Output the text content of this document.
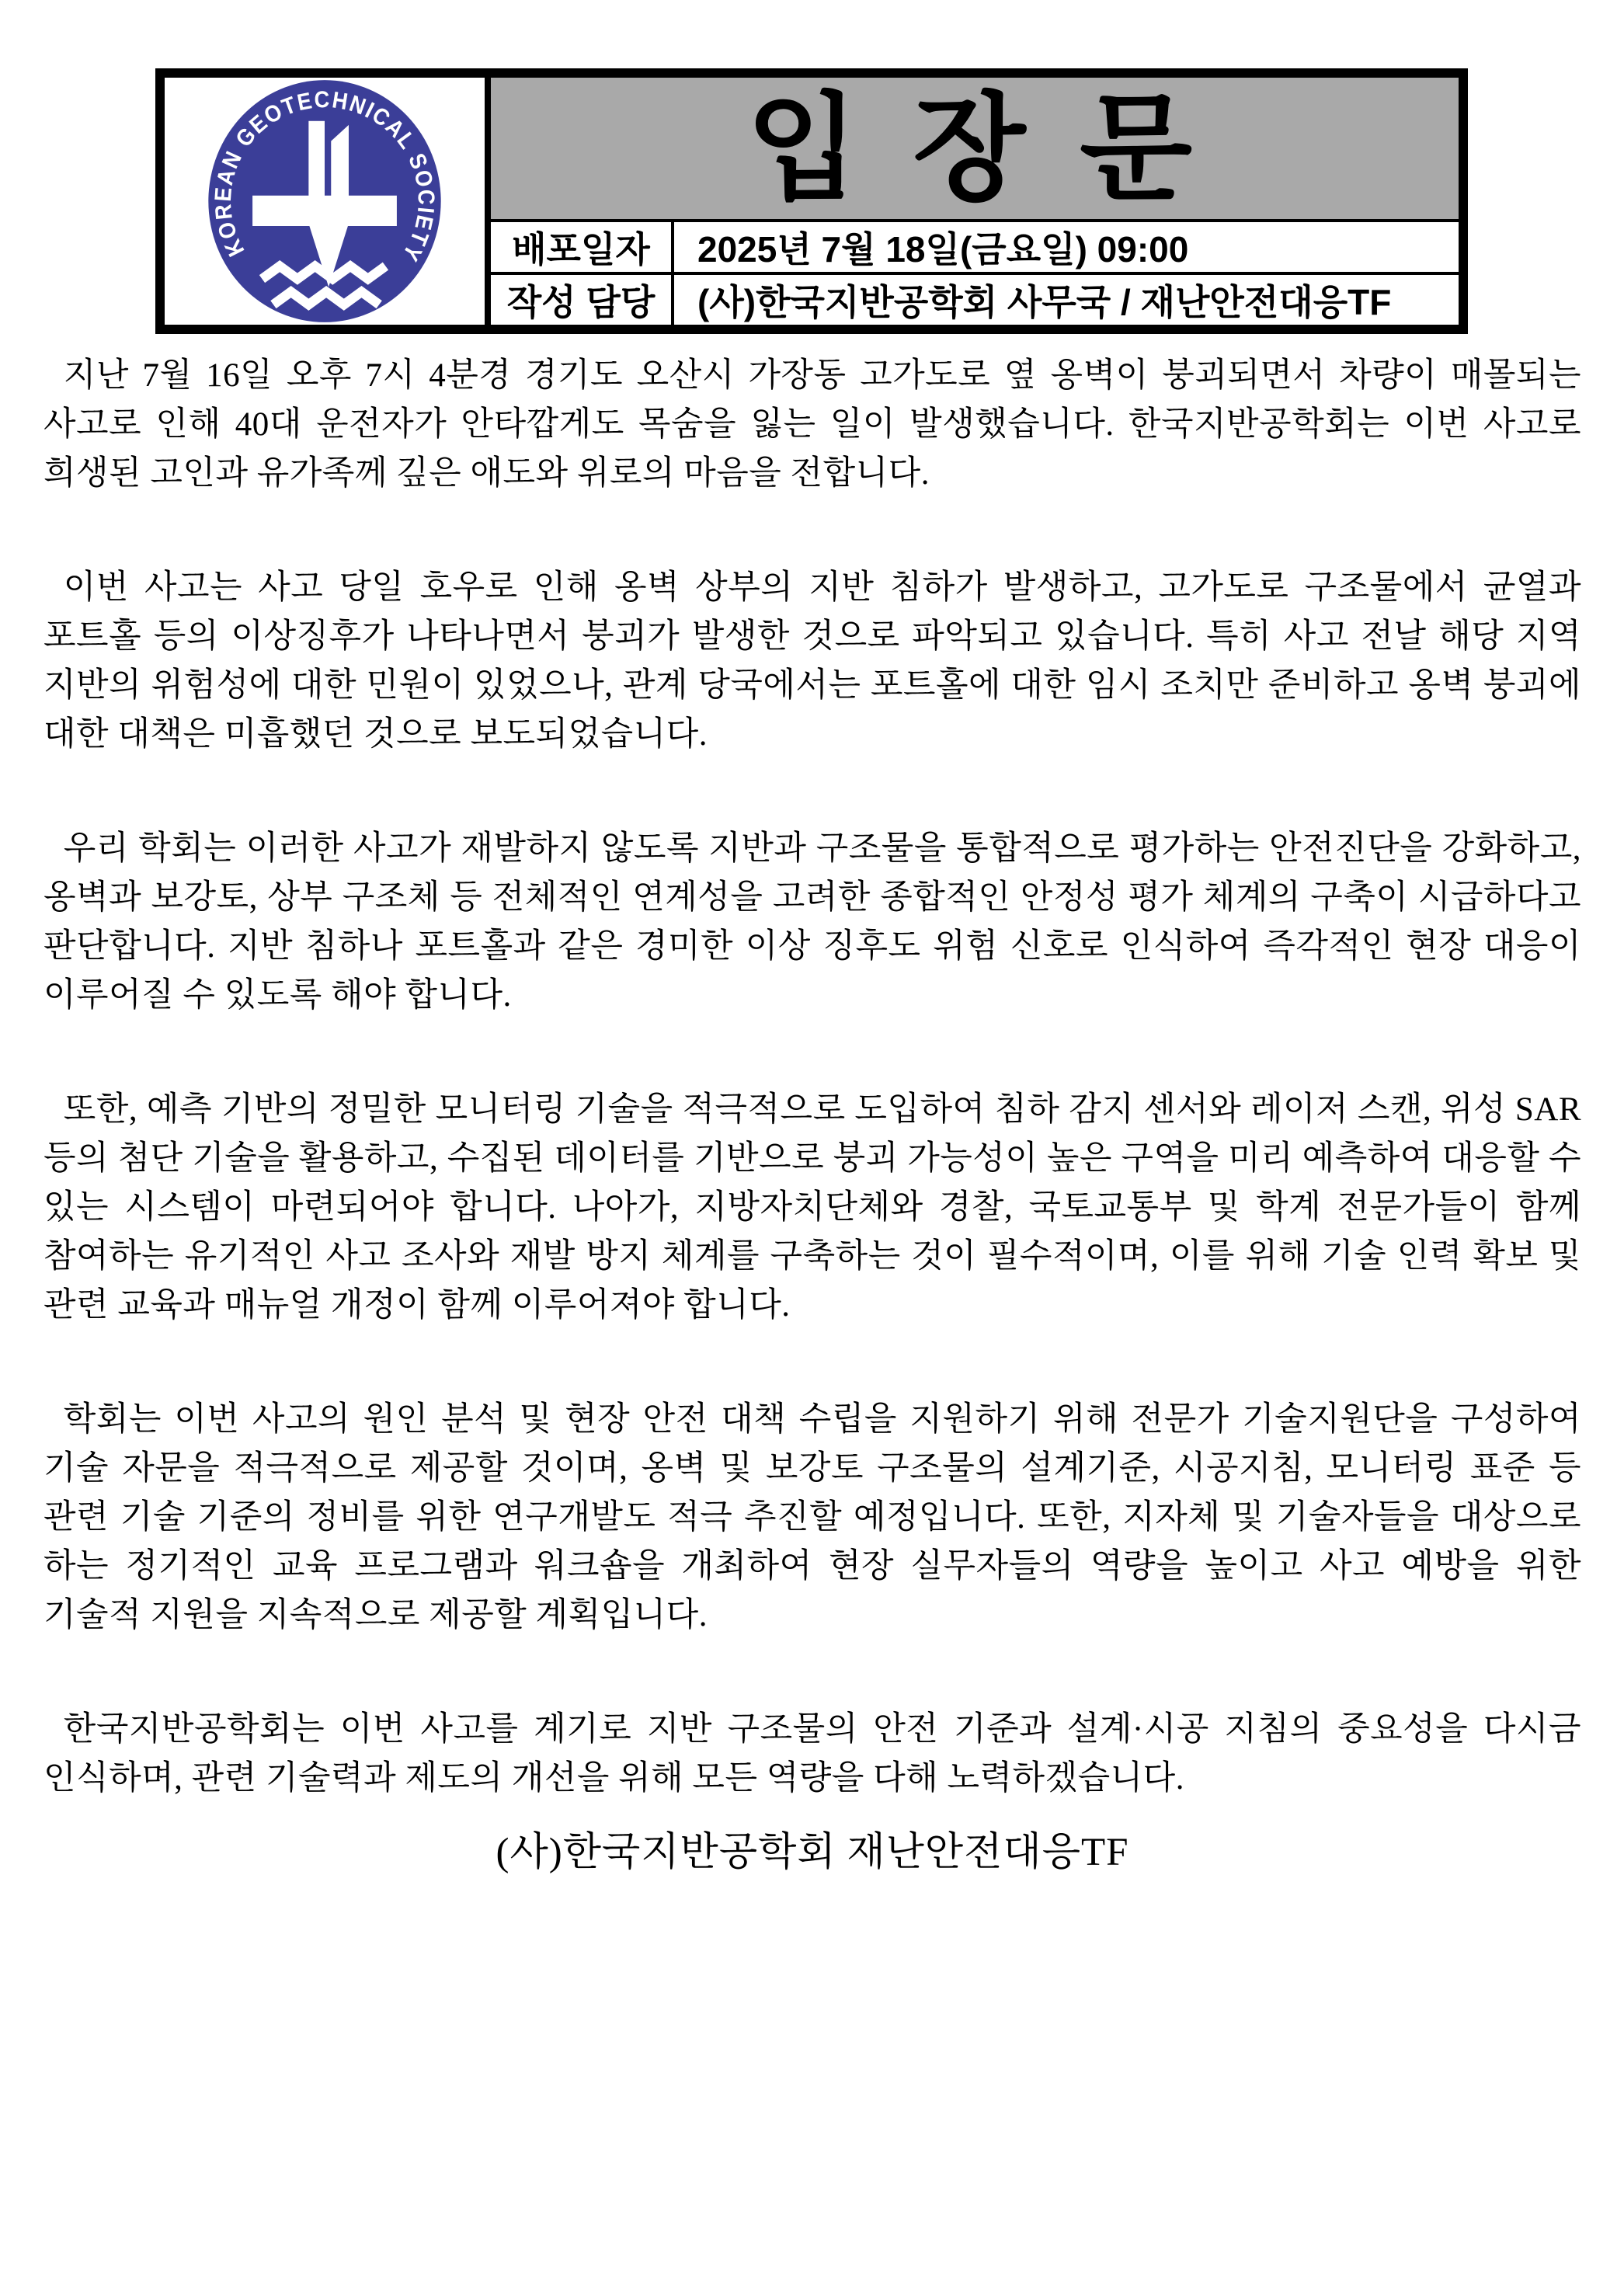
KOREAN GEOTECHNICAL SOCIETY
입 장 문
배포일자	2025년 7월 18일(금요일) 09:00
작성 담당	(사)한국지반공학회 사무국 / 재난안전대응TF

지난 7월 16일 오후 7시 4분경 경기도 오산시 가장동 고가도로 옆 옹벽이 붕괴되면서 차량이 매몰되는 사고로 인해 40대 운전자가 안타깝게도 목숨을 잃는 일이 발생했습니다. 한국지반공학회는 이번 사고로 희생된 고인과 유가족께 깊은 애도와 위로의 마음을 전합니다.

이번 사고는 사고 당일 호우로 인해 옹벽 상부의 지반 침하가 발생하고, 고가도로 구조물에서 균열과 포트홀 등의 이상징후가 나타나면서 붕괴가 발생한 것으로 파악되고 있습니다. 특히 사고 전날 해당 지역 지반의 위험성에 대한 민원이 있었으나, 관계 당국에서는 포트홀에 대한 임시 조치만 준비하고 옹벽 붕괴에 대한 대책은 미흡했던 것으로 보도되었습니다.

우리 학회는 이러한 사고가 재발하지 않도록 지반과 구조물을 통합적으로 평가하는 안전진단을 강화하고, 옹벽과 보강토, 상부 구조체 등 전체적인 연계성을 고려한 종합적인 안정성 평가 체계의 구축이 시급하다고 판단합니다. 지반 침하나 포트홀과 같은 경미한 이상 징후도 위험 신호로 인식하여 즉각적인 현장 대응이 이루어질 수 있도록 해야 합니다.

또한, 예측 기반의 정밀한 모니터링 기술을 적극적으로 도입하여 침하 감지 센서와 레이저 스캔, 위성 SAR 등의 첨단 기술을 활용하고, 수집된 데이터를 기반으로 붕괴 가능성이 높은 구역을 미리 예측하여 대응할 수 있는 시스템이 마련되어야 합니다. 나아가, 지방자치단체와 경찰, 국토교통부 및 학계 전문가들이 함께 참여하는 유기적인 사고 조사와 재발 방지 체계를 구축하는 것이 필수적이며, 이를 위해 기술 인력 확보 및 관련 교육과 매뉴얼 개정이 함께 이루어져야 합니다.

학회는 이번 사고의 원인 분석 및 현장 안전 대책 수립을 지원하기 위해 전문가 기술지원단을 구성하여 기술 자문을 적극적으로 제공할 것이며, 옹벽 및 보강토 구조물의 설계기준, 시공지침, 모니터링 표준 등 관련 기술 기준의 정비를 위한 연구개발도 적극 추진할 예정입니다. 또한, 지자체 및 기술자들을 대상으로 하는 정기적인 교육 프로그램과 워크숍을 개최하여 현장 실무자들의 역량을 높이고 사고 예방을 위한 기술적 지원을 지속적으로 제공할 계획입니다.

한국지반공학회는 이번 사고를 계기로 지반 구조물의 안전 기준과 설계·시공 지침의 중요성을 다시금 인식하며, 관련 기술력과 제도의 개선을 위해 모든 역량을 다해 노력하겠습니다.

(사)한국지반공학회 재난안전대응TF
